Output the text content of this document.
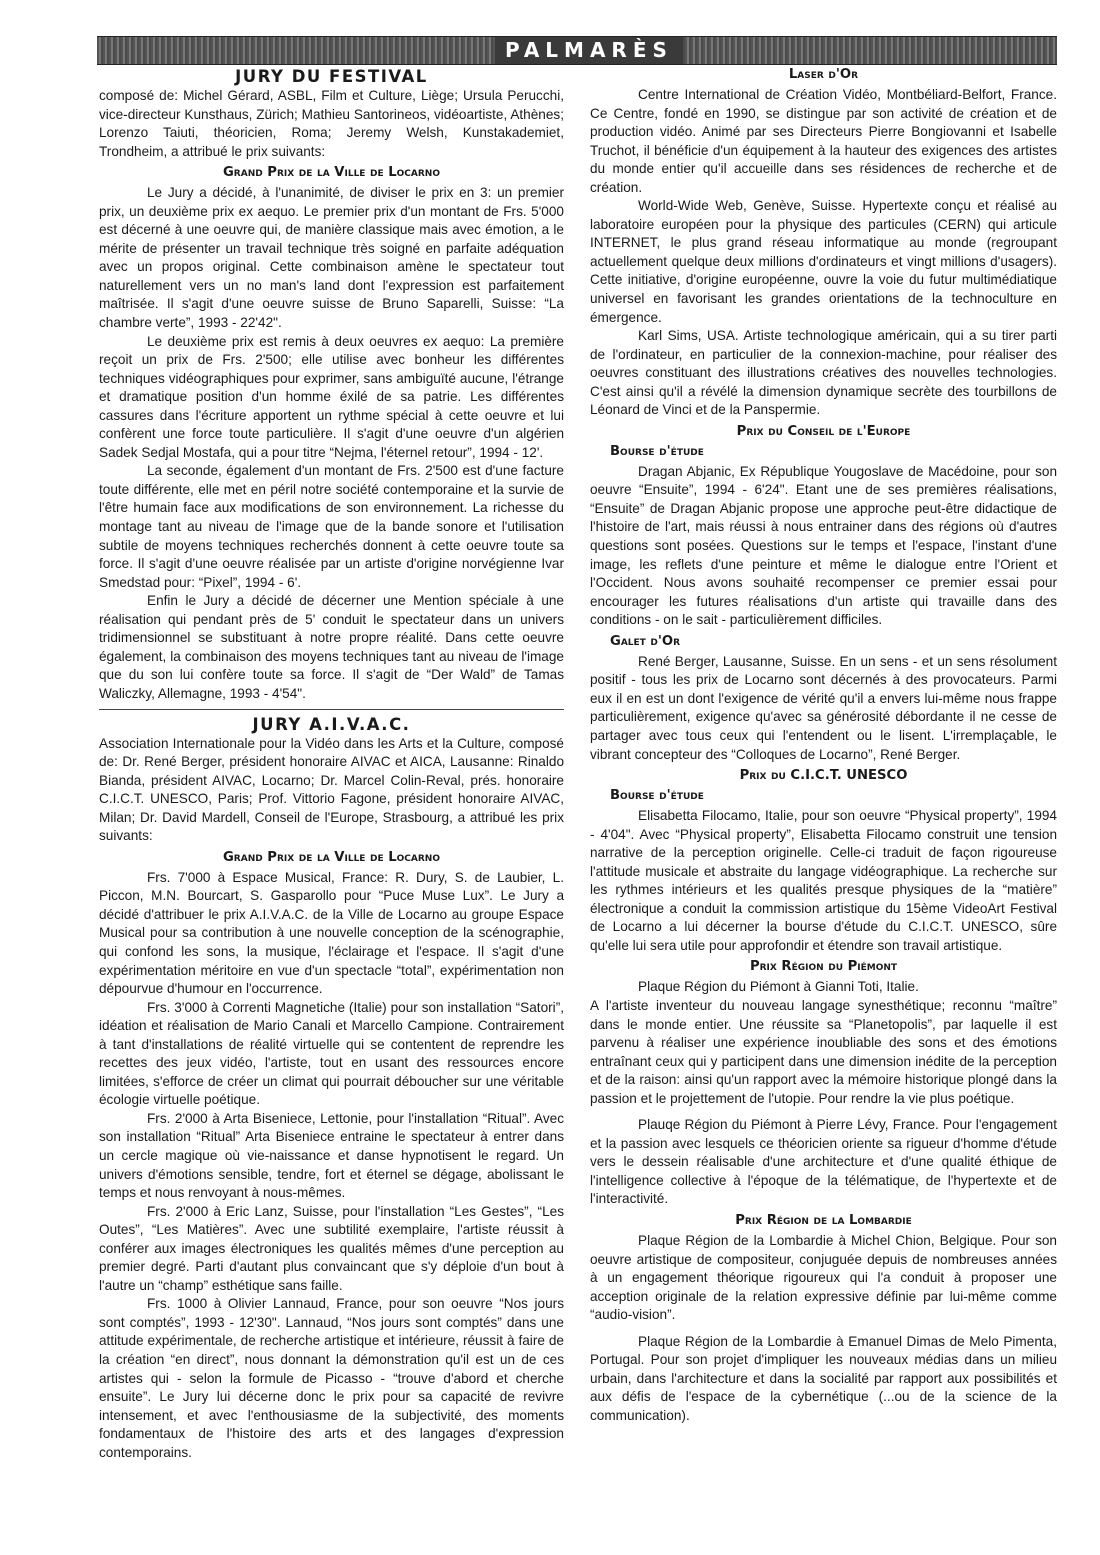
PALMARÈS
JURY DU FESTIVAL

composé de: Michel Gérard, ASBL, Film et Culture, Liège; Ursula Perucchi, vice-directeur Kunsthaus, Zürich; Mathieu Santorineos, vidéoartiste, Athènes; Lorenzo Taiuti, théoricien, Roma; Jeremy Welsh, Kunstakademiet, Trondheim, a attribué le prix suivants:

Grand Prix de la Ville de Locarno

Le Jury a décidé, à l'unanimité, de diviser le prix en 3: un premier prix, un deuxième prix ex aequo. Le premier prix d'un montant de Frs. 5'000 est décerné à une oeuvre qui, de manière classique mais avec émotion, a le mérite de présenter un travail technique très soigné en parfaite adéquation avec un propos original. Cette combinaison amène le spectateur tout naturellement vers un no man's land dont l'expression est parfaitement maîtrisée. Il s'agit d'une oeuvre suisse de Bruno Saparelli, Suisse: “La chambre verte”, 1993 - 22'42".

Le deuxième prix est remis à deux oeuvres ex aequo: La première reçoit un prix de Frs. 2'500; elle utilise avec bonheur les différentes techniques vidéographiques pour exprimer, sans ambiguïté aucune, l'étrange et dramatique position d'un homme éxilé de sa patrie. Les différentes cassures dans l'écriture apportent un rythme spécial à cette oeuvre et lui confèrent une force toute particulière. Il s'agit d'une oeuvre d'un algérien Sadek Sedjal Mostafa, qui a pour titre “Nejma, l'éternel retour”, 1994 - 12'.

La seconde, également d'un montant de Frs. 2'500 est d'une facture toute différente, elle met en péril notre société contemporaine et la survie de l'être humain face aux modifications de son environnement. La richesse du montage tant au niveau de l'image que de la bande sonore et l'utilisation subtile de moyens techniques recherchés donnent à cette oeuvre toute sa force. Il s'agit d'une oeuvre réalisée par un artiste d'origine norvégienne Ivar Smedstad pour: “Pixel”, 1994 - 6'.

Enfin le Jury a décidé de décerner une Mention spéciale à une réalisation qui pendant près de 5' conduit le spectateur dans un univers tridimensionnel se substituant à notre propre réalité. Dans cette oeuvre également, la combinaison des moyens techniques tant au niveau de l'image que du son lui confère toute sa force. Il s'agit de “Der Wald” de Tamas Waliczky, Allemagne, 1993 - 4'54".

JURY A.I.V.A.C.

Association Internationale pour la Vidéo dans les Arts et la Culture, composé de: Dr. René Berger, président honoraire AIVAC et AICA, Lausanne: Rinaldo Bianda, président AIVAC, Locarno; Dr. Marcel Colin-Reval, prés. honoraire C.I.C.T. UNESCO, Paris; Prof. Vittorio Fagone, président honoraire AIVAC, Milan; Dr. David Mardell, Conseil de l'Europe, Strasbourg, a attribué les prix suivants:

Grand Prix de la Ville de Locarno

Frs. 7'000 à Espace Musical, France: R. Dury, S. de Laubier, L. Piccon, M.N. Bourcart, S. Gasparollo pour “Puce Muse Lux”. Le Jury a décidé d'attribuer le prix A.I.V.A.C. de la Ville de Locarno au groupe Espace Musical pour sa contribution à une nouvelle conception de la scénographie, qui confond les sons, la musique, l'éclairage et l'espace. Il s'agit d'une expérimentation méritoire en vue d'un spectacle “total”, expérimentation non dépourvue d'humour en l'occurrence.

Frs. 3'000 à Correnti Magnetiche (Italie) pour son installation “Satori”, idéation et réalisation de Mario Canali et Marcello Campione. Contrairement à tant d'installations de réalité virtuelle qui se contentent de reprendre les recettes des jeux vidéo, l'artiste, tout en usant des ressources encore limitées, s'efforce de créer un climat qui pourrait déboucher sur une véritable écologie virtuelle poétique.

Frs. 2'000 à Arta Biseniece, Lettonie, pour l'installation “Ritual”. Avec son installation “Ritual” Arta Biseniece entraine le spectateur à entrer dans un cercle magique où vie-naissance et danse hypnotisent le regard. Un univers d'émotions sensible, tendre, fort et éternel se dégage, abolissant le temps et nous renvoyant à nous-mêmes.

Frs. 2'000 à Eric Lanz, Suisse, pour l'installation “Les Gestes”, “Les Outes”, “Les Matières”. Avec une subtilité exemplaire, l'artiste réussit à conférer aux images électroniques les qualités mêmes d'une perception au premier degré. Parti d'autant plus convaincant que s'y déploie d'un bout à l'autre un “champ” esthétique sans faille.

Frs. 1000 à Olivier Lannaud, France, pour son oeuvre “Nos jours sont comptés”, 1993 - 12'30". Lannaud, “Nos jours sont comptés” dans une attitude expérimentale, de recherche artistique et intérieure, réussit à faire de la création “en direct”, nous donnant la démonstration qu'il est un de ces artistes qui - selon la formule de Picasso - “trouve d'abord et cherche ensuite”. Le Jury lui décerne donc le prix pour sa capacité de revivre intensement, et avec l'enthousiasme de la subjectivité, des moments fondamentaux de l'histoire des arts et des langages d'expression contemporains.

Laser d'Or

Centre International de Création Vidéo, Montbéliard-Belfort, France. Ce Centre, fondé en 1990, se distingue par son activité de création et de production vidéo. Animé par ses Directeurs Pierre Bongiovanni et Isabelle Truchot, il bénéficie d'un équipement à la hauteur des exigences des artistes du monde entier qu'il accueille dans ses résidences de recherche et de création.

World-Wide Web, Genève, Suisse. Hypertexte conçu et réalisé au laboratoire européen pour la physique des particules (CERN) qui articule INTERNET, le plus grand réseau informatique au monde (regroupant actuellement quelque deux millions d'ordinateurs et vingt millions d'usagers). Cette initiative, d'origine européenne, ouvre la voie du futur multimédiatique universel en favorisant les grandes orientations de la technoculture en émergence.

Karl Sims, USA. Artiste technologique américain, qui a su tirer parti de l'ordinateur, en particulier de la connexion-machine, pour réaliser des oeuvres constituant des illustrations créatives des nouvelles technologies. C'est ainsi qu'il a révélé la dimension dynamique secrète des tourbillons de Léonard de Vinci et de la Panspermie.

Prix du Conseil de l'Europe
Bourse d'étude

Dragan Abjanic, Ex République Yougoslave de Macédoine, pour son oeuvre “Ensuite”, 1994 - 6'24". Etant une de ses premières réalisations, “Ensuite” de Dragan Abjanic propose une approche peut-être didactique de l'histoire de l'art, mais réussi à nous entrainer dans des régions où d'autres questions sont posées. Questions sur le temps et l'espace, l'instant d'une image, les reflets d'une peinture et même le dialogue entre l'Orient et l'Occident. Nous avons souhaité recompenser ce premier essai pour encourager les futures réalisations d'un artiste qui travaille dans des conditions - on le sait - particulièrement difficiles.

Galet d'Or

René Berger, Lausanne, Suisse. En un sens - et un sens résolument positif - tous les prix de Locarno sont décernés à des provocateurs. Parmi eux il en est un dont l'exigence de vérité qu'il a envers lui-même nous frappe particulièrement, exigence qu'avec sa générosité débordante il ne cesse de partager avec tous ceux qui l'entendent ou le lisent. L'irremplaçable, le vibrant concepteur des “Colloques de Locarno”, René Berger.

Prix du C.I.C.T. UNESCO
Bourse d'étude

Elisabetta Filocamo, Italie, pour son oeuvre “Physical property”, 1994 - 4'04". Avec “Physical property”, Elisabetta Filocamo construit une tension narrative de la perception originelle. Celle-ci traduit de façon rigoureuse l'attitude musicale et abstraite du langage vidéographique. La recherche sur les rythmes intérieurs et les qualités presque physiques de la “matière” électronique a conduit la commission artistique du 15ème VideoArt Festival de Locarno a lui décerner la bourse d'étude du C.I.C.T. UNESCO, sûre qu'elle lui sera utile pour approfondir et étendre son travail artistique.

Prix Région du Piémont

Plaque Région du Piémont à Gianni Toti, Italie.

A l'artiste inventeur du nouveau langage synesthétique; reconnu “maître” dans le monde entier. Une réussite sa “Planetopolis”, par laquelle il est parvenu à réaliser une expérience inoubliable des sons et des émotions entraînant ceux qui y participent dans une dimension inédite de la perception et de la raison: ainsi qu'un rapport avec la mémoire historique plongé dans la passion et le projettement de l'utopie. Pour rendre la vie plus poétique.

Plauqe Région du Piémont à Pierre Lévy, France. Pour l'engagement et la passion avec lesquels ce théoricien oriente sa rigueur d'homme d'étude vers le dessein réalisable d'une architecture et d'une qualité éthique de l'intelligence collective à l'époque de la télématique, de l'hypertexte et de l'interactivité.

Prix Région de la Lombardie

Plaque Région de la Lombardie à Michel Chion, Belgique. Pour son oeuvre artistique de compositeur, conjuguée depuis de nombreuses années à un engagement théorique rigoureux qui l'a conduit à proposer une acception originale de la relation expressive définie par lui-même comme “audio-vision”.

Plaque Région de la Lombardie à Emanuel Dimas de Melo Pimenta, Portugal. Pour son projet d'impliquer les nouveaux médias dans un milieu urbain, dans l'architecture et dans la socialité par rapport aux possibilités et aux défis de l'espace de la cybernétique (...ou de la science de la communication).
